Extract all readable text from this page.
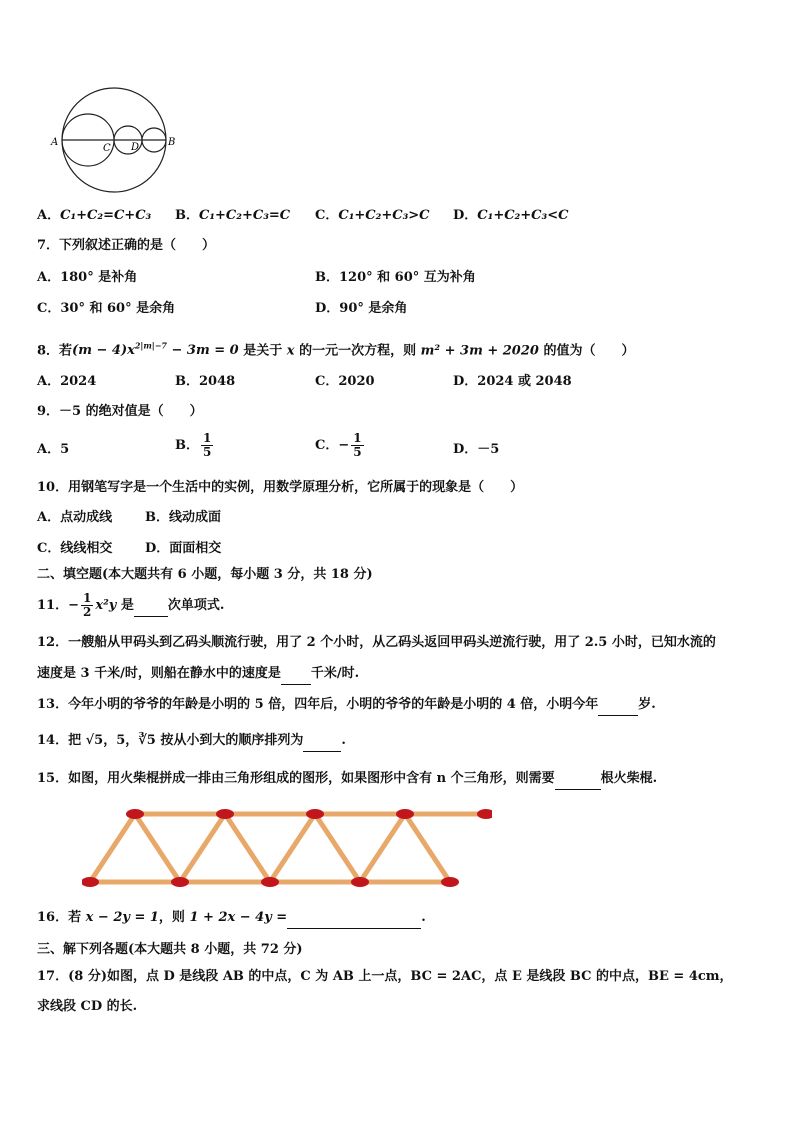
A
C D	B
A．C₁+C₂=C+C₃ B．C₁+C₂+C₃=C C．C₁+C₂+C₃>C D．C₁+C₂+C₃<C
7．下列叙述正确的是（　　）
A．180° 是补角	B．120° 和 60° 互为补角
C．30° 和 60° 是余角	D．90° 是余角
8．若$(m - 4)x^{2|m|-7} - 3m = 0$ 是关于 x 的一元一次方程，则 m² + 3m + 2020 的值为（　　）
A．2024	B．2048	C．2020	D．2024 或 2048
9．－5 的绝对值是（　　）
A．5	B． $\frac{1}{5}$	C．− $\frac{1}{5}$	D．－5
10．用钢笔写字是一个生活中的实例，用数学原理分析，它所属于的现象是（　　）
A．点动成线	B．线动成面
C．线线相交	D．面面相交
二、填空题(本大题共有 6 小题，每小题 3 分，共 18 分)
11．− $\frac{1}{2} x^2y$ 是	次单项式.
12．一艘船从甲码头到乙码头顺流行驶，用了 2 个小时，从乙码头返回甲码头逆流行驶，用了 2.5 小时，已知水流的
速度是 3 千米/时，则船在静水中的速度是 千米/时.
13．今年小明的爷爷的年龄是小明的 5 倍，四年后，小明的爷爷的年龄是小明的 4 倍，小明今年	岁.
14．把 √5，5，∛5 按从小到大的顺序排列为	.
15．如图，用火柴棍拼成一排由三角形组成的图形，如果图形中含有 n 个三角形，则需要	根火柴棍.
16．若 x − 2y = 1，则 1 + 2x − 4y =	.
三、解下列各题(本大题共 8 小题，共 72 分)
17．(8 分)如图，点 D 是线段 AB 的中点，C 为 AB 上一点，BC = 2AC，点 E 是线段 BC 的中点，BE = 4cm，
求线段 CD 的长.
